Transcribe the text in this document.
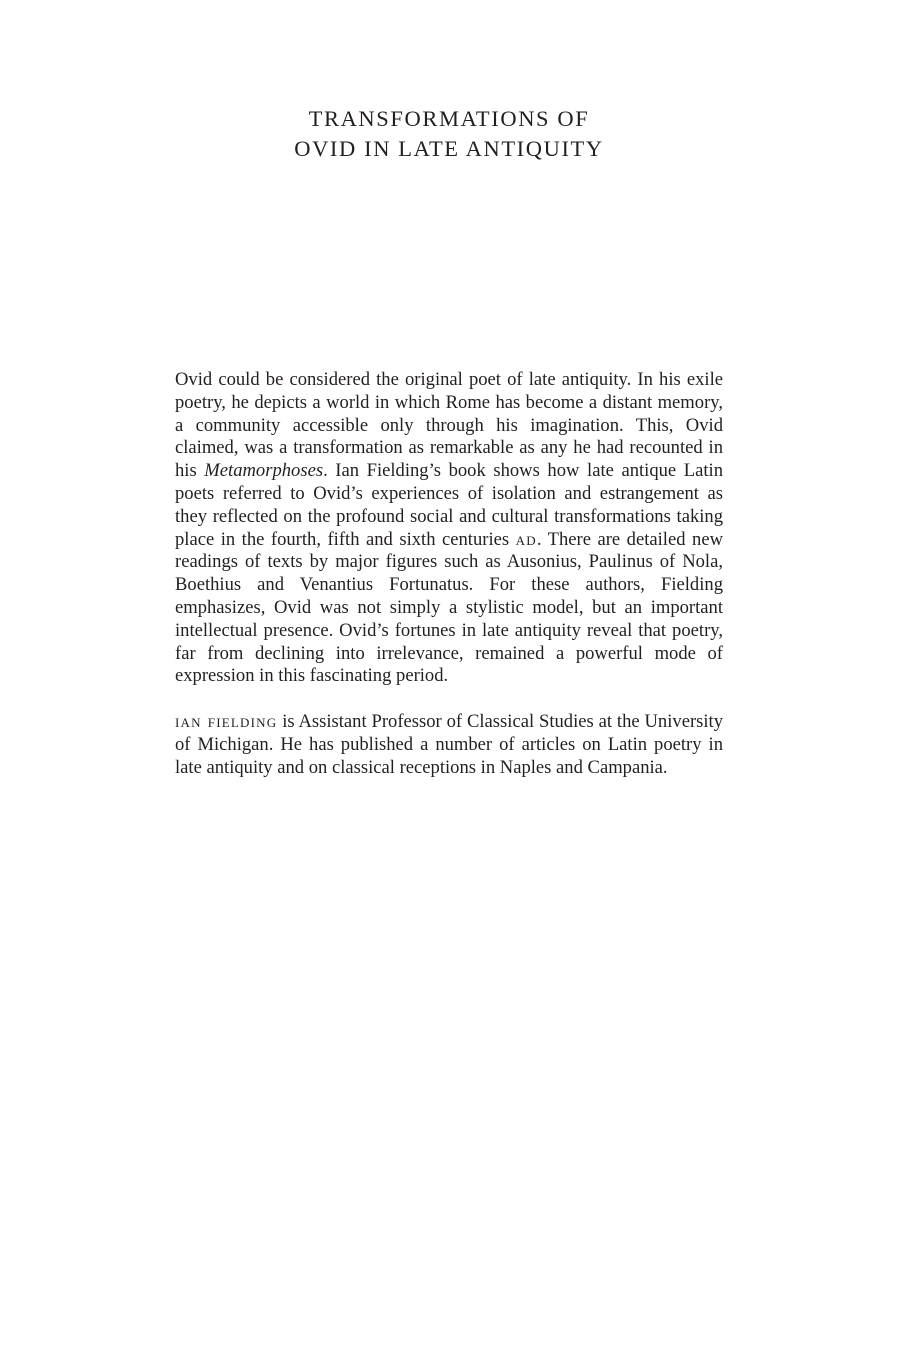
TRANSFORMATIONS OF
OVID IN LATE ANTIQUITY

Ovid could be considered the original poet of late antiquity. In his exile poetry, he depicts a world in which Rome has become a distant memory, a community accessible only through his imagination. This, Ovid claimed, was a transformation as remarkable as any he had recounted in his Metamorphoses. Ian Fielding’s book shows how late antique Latin poets referred to Ovid’s experiences of isolation and estrangement as they reflected on the profound social and cultural transformations taking place in the fourth, fifth and sixth centuries ad. There are detailed new readings of texts by major figures such as Ausonius, Paulinus of Nola, Boethius and Venantius Fortunatus. For these authors, Fielding emphasizes, Ovid was not simply a stylistic model, but an important intellectual presence. Ovid’s fortunes in late antiquity reveal that poetry, far from declining into irrelevance, remained a powerful mode of expression in this fascinating period.

ian fielding is Assistant Professor of Classical Studies at the University of Michigan. He has published a number of articles on Latin poetry in late antiquity and on classical receptions in Naples and Campania.
